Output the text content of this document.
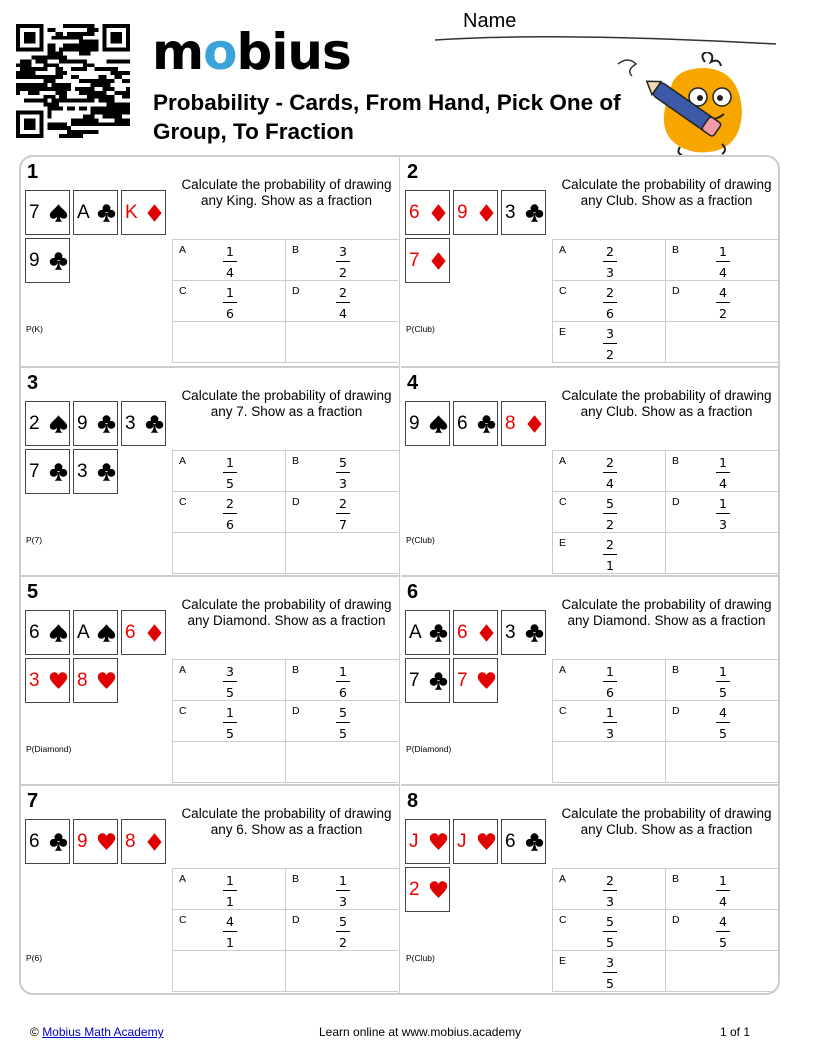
mobius
Probability - Cards, From Hand, Pick One of Group, To Fraction
Name
1
7 A K
9
Calculate the probability of drawing any King. Show as a fraction
P(K)
A	1
4
B	3
2
C	1
6
D	2
4
2
6 9 3
7
Calculate the probability of drawing any Club. Show as a fraction
P(Club)
A	2
3
B	1
4
C	2
6
D	4
2
E	3
2
3
2 9 3
7 3
Calculate the probability of drawing any 7. Show as a fraction
P(7)
A	1
5
B	5
3
C	2
6
D	2
7
4
9 6 8
Calculate the probability of drawing any Club. Show as a fraction
P(Club)
A	2
4
B	1
4
C	5
2
D	1
3
E	2
1
5
6 A 6
3 8
Calculate the probability of drawing any Diamond. Show as a fraction
P(Diamond)
A	3
5
B	1
6
C	1
5
D	5
5
6
A 6 3
7 7
Calculate the probability of drawing any Diamond. Show as a fraction
P(Diamond)
A	1
6
B	1
5
C	1
3
D	4
5
7
6 9 8
Calculate the probability of drawing any 6. Show as a fraction
P(6)
A	1
1
B	1
3
C	4
1
D	5
2
8
J J 6
2
Calculate the probability of drawing any Club. Show as a fraction
P(Club)
A	2
3
B	1
4
C	5
5
D	4
5
E	3
5
© Mobius Math Academy	Learn online at www.mobius.academy	1 of 1
